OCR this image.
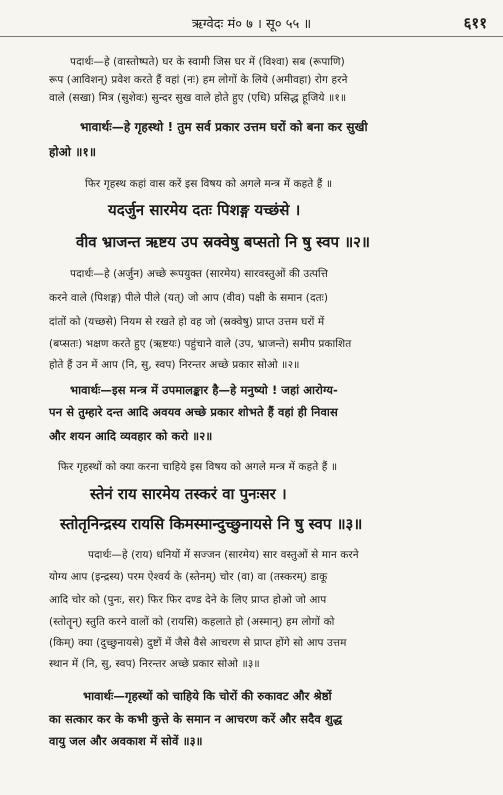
ऋग्वेदः मं० ७ । सू० ५५ ॥	६११
पदार्थः—हे (वास्तोष्पते) घर के स्वामी जिस घर में (विश्वा) सब (रूपाणि)
रूप (आविशन्) प्रवेश करते हैं वहां (नः) हम लोगों के लिये (अमीवहा) रोग हरने
वाले (सखा) मित्र (सुशेवः) सुन्दर सुख वाले होते हुए (एधि) प्रसिद्ध हूजिये ॥१॥
भावार्थः—हे गृहस्थो ! तुम सर्व प्रकार उत्तम घरों को बना कर सुखी
होओ ॥१॥
फिर गृहस्थ कहां वास करें इस विषय को अगले मन्त्र में कहते हैं ॥
यदर्जुन सारमेय दतः पिशङ्ग यच्छंसे ।
वीव भ्राजन्त ऋष्टय उप स्रक्वेषु बप्सतो नि षु स्वप ॥२॥
पदार्थः—हे (अर्जुन) अच्छे रूपयुक्त (सारमेय) सारवस्तुओं की उत्पत्ति
करने वाले (पिशङ्ग) पीले पीले (यत्) जो आप (वीव) पक्षी के समान (दतः)
दांतों को (यच्छसे) नियम से रखते हो वह जो (स्रक्वेषु) प्राप्त उत्तम घरों में
(बप्सतः) भक्षण करते हुए (ऋष्टयः) पहुंचाने वाले (उप, भ्राजन्ते) समीप प्रकाशित
होते हैं उन में आप (नि, सु, स्वप) निरन्तर अच्छे प्रकार सोओ ॥२॥
भावार्थः—इस मन्त्र में उपमालङ्कार है—हे मनुष्यो ! जहां आरोग्य-
पन से तुम्हारे दन्त आदि अवयव अच्छे प्रकार शोभते हैं वहां ही निवास
और शयन आदि व्यवहार को करो ॥२॥
फिर गृहस्थों को क्या करना चाहिये इस विषय को अगले मन्त्र में कहते हैं ॥
स्तेनं राय सारमेय तस्करं वा पुनःसर ।
स्तोतृनिन्द्रस्य रायसि किमस्मान्दुच्छुनायसे नि षु स्वप ॥३॥
पदार्थः—हे (राय) धनियों में सज्जन (सारमेय) सार वस्तुओं से मान करने
योग्य आप (इन्द्रस्य) परम ऐश्वर्य के (स्तेनम्) चोर (वा) वा (तस्करम्) डाकू
आदि चोर को (पुनः, सर) फिर फिर दण्ड देने के लिए प्राप्त होओ जो आप
(स्तोतॄन्) स्तुति करने वालों को (रायसि) कहलाते हो (अस्मान्) हम लोगों को
(किम्) क्या (दुच्छुनायसे) दुष्टों में जैसे वैसे आचरण से प्राप्त होंगे सो आप उत्तम
स्थान में (नि, सु, स्वप) निरन्तर अच्छे प्रकार सोओ ॥३॥
भावार्थः—गृहस्थों को चाहिये कि चोरों की रुकावट और श्रेष्ठों
का सत्कार कर के कभी कुत्ते के समान न आचरण करें और सदैव शुद्ध
वायु जल और अवकाश में सोवें ॥३॥
